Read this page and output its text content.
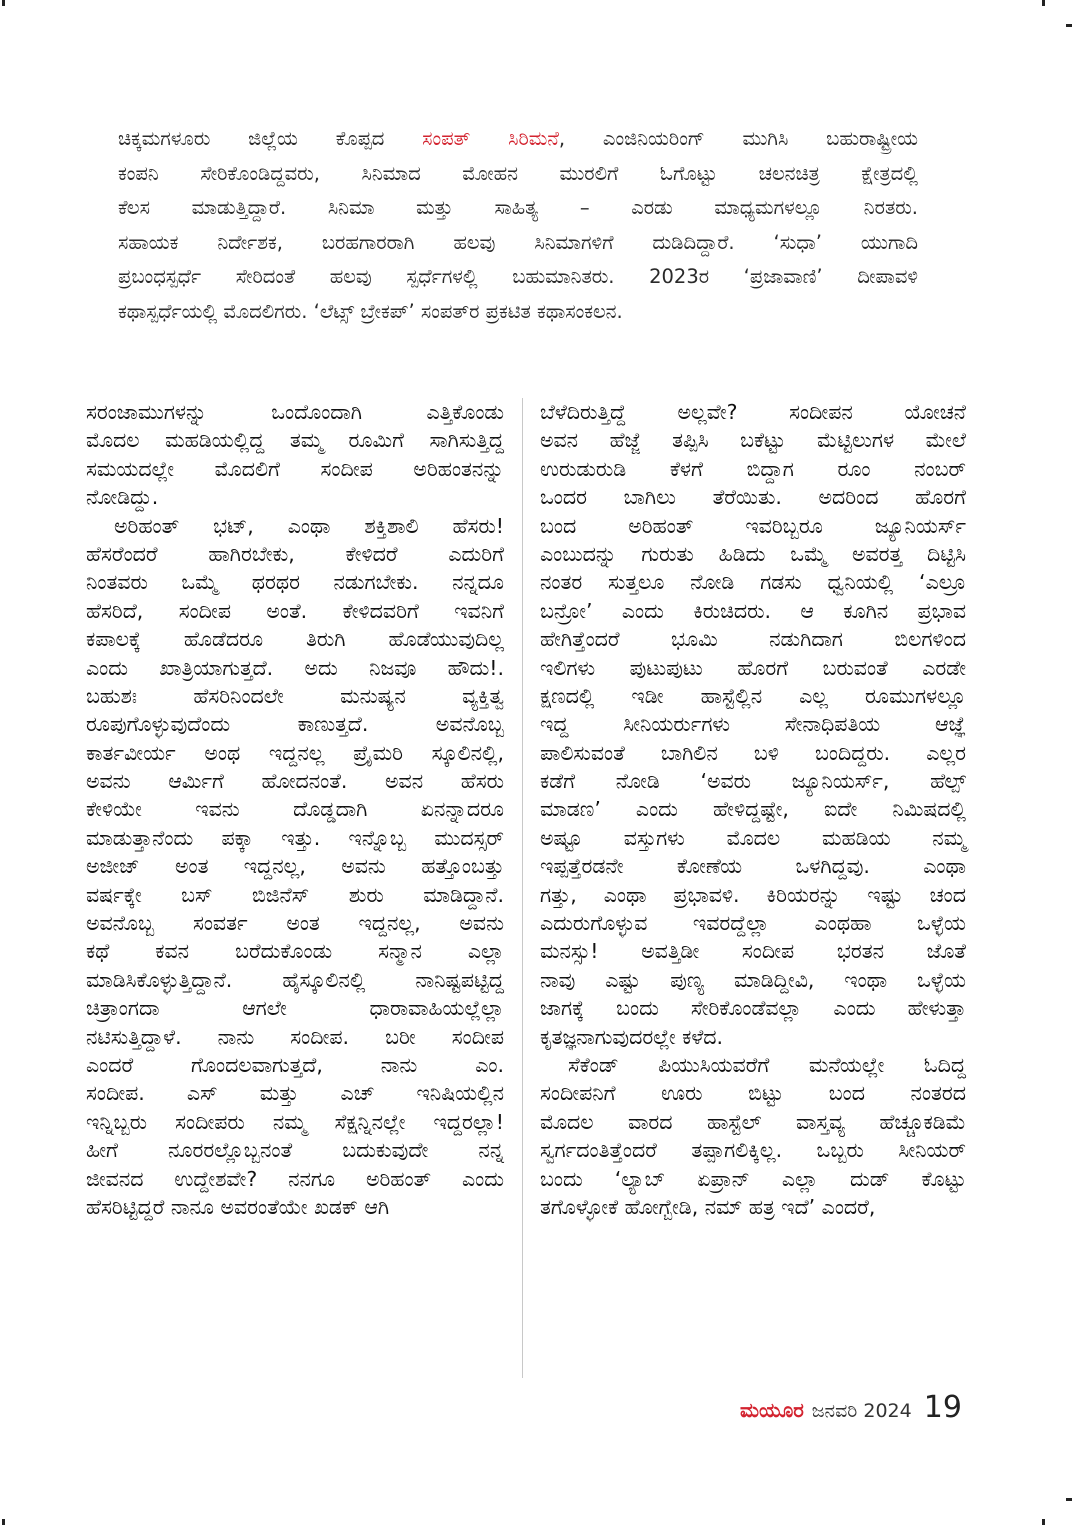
ಚಿಕ್ಕಮಗಳೂರು ಜಿಲ್ಲೆಯ ಕೊಪ್ಪದ ಸಂಪತ್ ಸಿರಿಮನೆ, ಎಂಜಿನಿಯರಿಂಗ್ ಮುಗಿಸಿ ಬಹುರಾಷ್ಟ್ರೀಯ
ಕಂಪನಿ ಸೇರಿಕೊಂಡಿದ್ದವರು, ಸಿನಿಮಾದ ಮೋಹನ ಮುರಲಿಗೆ ಓಗೊಟ್ಟು ಚಲನಚಿತ್ರ ಕ್ಷೇತ್ರದಲ್ಲಿ
ಕೆಲಸ ಮಾಡುತ್ತಿದ್ದಾರೆ. ಸಿನಿಮಾ ಮತ್ತು ಸಾಹಿತ್ಯ – ಎರಡು ಮಾಧ್ಯಮಗಳಲ್ಲೂ ನಿರತರು.
ಸಹಾಯಕ ನಿರ್ದೇಶಕ, ಬರಹಗಾರರಾಗಿ ಹಲವು ಸಿನಿಮಾಗಳಿಗೆ ದುಡಿದಿದ್ದಾರೆ. ‘ಸುಧಾ’ ಯುಗಾದಿ
ಪ್ರಬಂಧಸ್ಪರ್ಧೆ ಸೇರಿದಂತೆ ಹಲವು ಸ್ಪರ್ಧೆಗಳಲ್ಲಿ ಬಹುಮಾನಿತರು. 2023ರ ‘ಪ್ರಜಾವಾಣಿ’ ದೀಪಾವಳಿ
ಕಥಾಸ್ಪರ್ಧೆಯಲ್ಲಿ ಮೊದಲಿಗರು. ‘ಲೆಟ್ಸ್ ಬ್ರೇಕಪ್’ ಸಂಪತ್‌ರ ಪ್ರಕಟಿತ ಕಥಾಸಂಕಲನ.
ಸರಂಜಾಮುಗಳನ್ನು ಒಂದೊಂದಾಗಿ ಎತ್ತಿಕೊಂಡು
ಮೊದಲ ಮಹಡಿಯಲ್ಲಿದ್ದ ತಮ್ಮ ರೂಮಿಗೆ ಸಾಗಿಸುತ್ತಿದ್ದ
ಸಮಯದಲ್ಲೇ ಮೊದಲಿಗೆ ಸಂದೀಪ ಅರಿಹಂತನನ್ನು
ನೋಡಿದ್ದು.
ಅರಿಹಂತ್ ಭಟ್, ಎಂಥಾ ಶಕ್ತಿಶಾಲಿ ಹೆಸರು!
ಹೆಸರೆಂದರೆ ಹಾಗಿರಬೇಕು, ಕೇಳಿದರೆ ಎದುರಿಗೆ
ನಿಂತವರು ಒಮ್ಮೆ ಥರಥರ ನಡುಗಬೇಕು. ನನ್ನದೂ
ಹೆಸರಿದೆ, ಸಂದೀಪ ಅಂತೆ. ಕೇಳಿದವರಿಗೆ ಇವನಿಗೆ
ಕಪಾಲಕ್ಕೆ ಹೊಡೆದರೂ ತಿರುಗಿ ಹೊಡೆಯುವುದಿಲ್ಲ
ಎಂದು ಖಾತ್ರಿಯಾಗುತ್ತದೆ. ಅದು ನಿಜವೂ ಹೌದು!.
ಬಹುಶಃ ಹೆಸರಿನಿಂದಲೇ ಮನುಷ್ಯನ ವ್ಯಕ್ತಿತ್ವ
ರೂಪುಗೊಳ್ಳುವುದೆಂದು ಕಾಣುತ್ತದೆ. ಅವನೊಬ್ಬ
ಕಾರ್ತವೀರ್ಯ ಅಂಥ ಇದ್ದನಲ್ಲ ಪ್ರೈಮರಿ ಸ್ಕೂಲಿನಲ್ಲಿ,
ಅವನು ಆರ್ಮಿಗೆ ಹೋದನಂತೆ. ಅವನ ಹೆಸರು
ಕೇಳಿಯೇ ಇವನು ದೊಡ್ಡದಾಗಿ ಏನನ್ನಾದರೂ
ಮಾಡುತ್ತಾನೆಂದು ಪಕ್ಕಾ ಇತ್ತು. ಇನ್ನೊಬ್ಬ ಮುದಸ್ಸರ್
ಅಜೀಜ್ ಅಂತ ಇದ್ದನಲ್ಲ, ಅವನು ಹತ್ತೊಂಬತ್ತು
ವರ್ಷಕ್ಕೇ ಬಸ್ ಬಿಜಿನೆಸ್ ಶುರು ಮಾಡಿದ್ದಾನೆ.
ಅವನೊಬ್ಬ ಸಂವರ್ತ ಅಂತ ಇದ್ದನಲ್ಲ, ಅವನು
ಕಥೆ ಕವನ ಬರೆದುಕೊಂಡು ಸನ್ಮಾನ ಎಲ್ಲಾ
ಮಾಡಿಸಿಕೊಳ್ಳುತ್ತಿದ್ದಾನೆ. ಹೈಸ್ಕೂಲಿನಲ್ಲಿ ನಾನಿಷ್ಟಪಟ್ಟಿದ್ದ
ಚಿತ್ರಾಂಗದಾ ಆಗಲೇ ಧಾರಾವಾಹಿಯಲ್ಲೆಲ್ಲಾ
ನಟಿಸುತ್ತಿದ್ದಾಳೆ. ನಾನು ಸಂದೀಪ. ಬರೀ ಸಂದೀಪ
ಎಂದರೆ ಗೊಂದಲವಾಗುತ್ತದೆ, ನಾನು ಎಂ.
ಸಂದೀಪ. ಎಸ್ ಮತ್ತು ಎಚ್ ಇನಿಷಿಯಲ್ಲಿನ
ಇನ್ನಿಬ್ಬರು ಸಂದೀಪರು ನಮ್ಮ ಸೆಕ್ಷನ್ನಿನಲ್ಲೇ ಇದ್ದರಲ್ಲಾ!
ಹೀಗೆ ನೂರರಲ್ಲೊಬ್ಬನಂತೆ ಬದುಕುವುದೇ ನನ್ನ
ಜೀವನದ ಉದ್ದೇಶವೇ? ನನಗೂ ಅರಿಹಂತ್ ಎಂದು
ಹೆಸರಿಟ್ಟಿದ್ದರೆ ನಾನೂ ಅವರಂತೆಯೇ ಖಡಕ್ ಆಗಿ
ಬೆಳೆದಿರುತ್ತಿದ್ದೆ ಅಲ್ಲವೇ? ಸಂದೀಪನ ಯೋಚನೆ
ಅವನ ಹೆಜ್ಜೆ ತಪ್ಪಿಸಿ ಬಕೆಟ್ಟು ಮೆಟ್ಟಿಲುಗಳ ಮೇಲೆ
ಉರುಡುರುಡಿ ಕೆಳಗೆ ಬಿದ್ದಾಗ ರೂಂ ನಂಬರ್
ಒಂದರ ಬಾಗಿಲು ತೆರೆಯಿತು. ಅದರಿಂದ ಹೊರಗೆ
ಬಂದ ಅರಿಹಂತ್ ಇವರಿಬ್ಬರೂ ಜ್ಯೂನಿಯರ್ಸ್
ಎಂಬುದನ್ನು ಗುರುತು ಹಿಡಿದು ಒಮ್ಮೆ ಅವರತ್ತ ದಿಟ್ಟಿಸಿ
ನಂತರ ಸುತ್ತಲೂ ನೋಡಿ ಗಡಸು ಧ್ವನಿಯಲ್ಲಿ ‘ಎಲ್ರೂ
ಬನ್ರೋ’ ಎಂದು ಕಿರುಚಿದರು. ಆ ಕೂಗಿನ ಪ್ರಭಾವ
ಹೇಗಿತ್ತೆಂದರೆ ಭೂಮಿ ನಡುಗಿದಾಗ ಬಿಲಗಳಿಂದ
ಇಲಿಗಳು ಪುಟುಪುಟು ಹೊರಗೆ ಬರುವಂತೆ ಎರಡೇ
ಕ್ಷಣದಲ್ಲಿ ಇಡೀ ಹಾಸ್ಟೆಲ್ಲಿನ ಎಲ್ಲ ರೂಮುಗಳಲ್ಲೂ
ಇದ್ದ ಸೀನಿಯರ್ರುಗಳು ಸೇನಾಧಿಪತಿಯ ಆಜ್ಞೆ
ಪಾಲಿಸುವಂತೆ ಬಾಗಿಲಿನ ಬಳಿ ಬಂದಿದ್ದರು. ಎಲ್ಲರ
ಕಡೆಗೆ ನೋಡಿ ‘ಅವರು ಜ್ಯೂನಿಯರ್ಸ್, ಹೆಲ್ಪ್
ಮಾಡಣ’ ಎಂದು ಹೇಳಿದ್ದಷ್ಟೇ, ಐದೇ ನಿಮಿಷದಲ್ಲಿ
ಅಷ್ಟೂ ವಸ್ತುಗಳು ಮೊದಲ ಮಹಡಿಯ ನಮ್ಮ
ಇಪ್ಪತ್ತೆರಡನೇ ಕೋಣೆಯ ಒಳಗಿದ್ದವು. ಎಂಥಾ
ಗತ್ತು, ಎಂಥಾ ಪ್ರಭಾವಳಿ. ಕಿರಿಯರನ್ನು ಇಷ್ಟು ಚಂದ
ಎದುರುಗೊಳ್ಳುವ ಇವರದ್ದೆಲ್ಲಾ ಎಂಥಹಾ ಒಳ್ಳೆಯ
ಮನಸ್ಸು! ಅವತ್ತಿಡೀ ಸಂದೀಪ ಭರತನ ಜೊತೆ
ನಾವು ಎಷ್ಟು ಪುಣ್ಯ ಮಾಡಿದ್ದೀವಿ, ಇಂಥಾ ಒಳ್ಳೆಯ
ಜಾಗಕ್ಕೆ ಬಂದು ಸೇರಿಕೊಂಡೆವಲ್ಲಾ ಎಂದು ಹೇಳುತ್ತಾ
ಕೃತಜ್ಞನಾಗುವುದರಲ್ಲೇ ಕಳೆದ.
ಸೆಕೆಂಡ್ ಪಿಯುಸಿಯವರೆಗೆ ಮನೆಯಲ್ಲೇ ಓದಿದ್ದ
ಸಂದೀಪನಿಗೆ ಊರು ಬಿಟ್ಟು ಬಂದ ನಂತರದ
ಮೊದಲ ವಾರದ ಹಾಸ್ಟೆಲ್ ವಾಸ್ತವ್ಯ ಹೆಚ್ಚೂಕಡಿಮೆ
ಸ್ವರ್ಗದಂತಿತ್ತೆಂದರೆ ತಪ್ಪಾಗಲಿಕ್ಕಿಲ್ಲ. ಒಬ್ಬರು ಸೀನಿಯರ್
ಬಂದು ‘ಲ್ಯಾಬ್ ಏಪ್ರಾನ್ ಎಲ್ಲಾ ದುಡ್ ಕೊಟ್ಟು
ತಗೊಳ್ಳೋಕೆ ಹೋಗ್ಬೇಡಿ, ನಮ್ ಹತ್ರ ಇದೆ’ ಎಂದರೆ,
ಮಯೂರ ಜನವರಿ 2024 19
